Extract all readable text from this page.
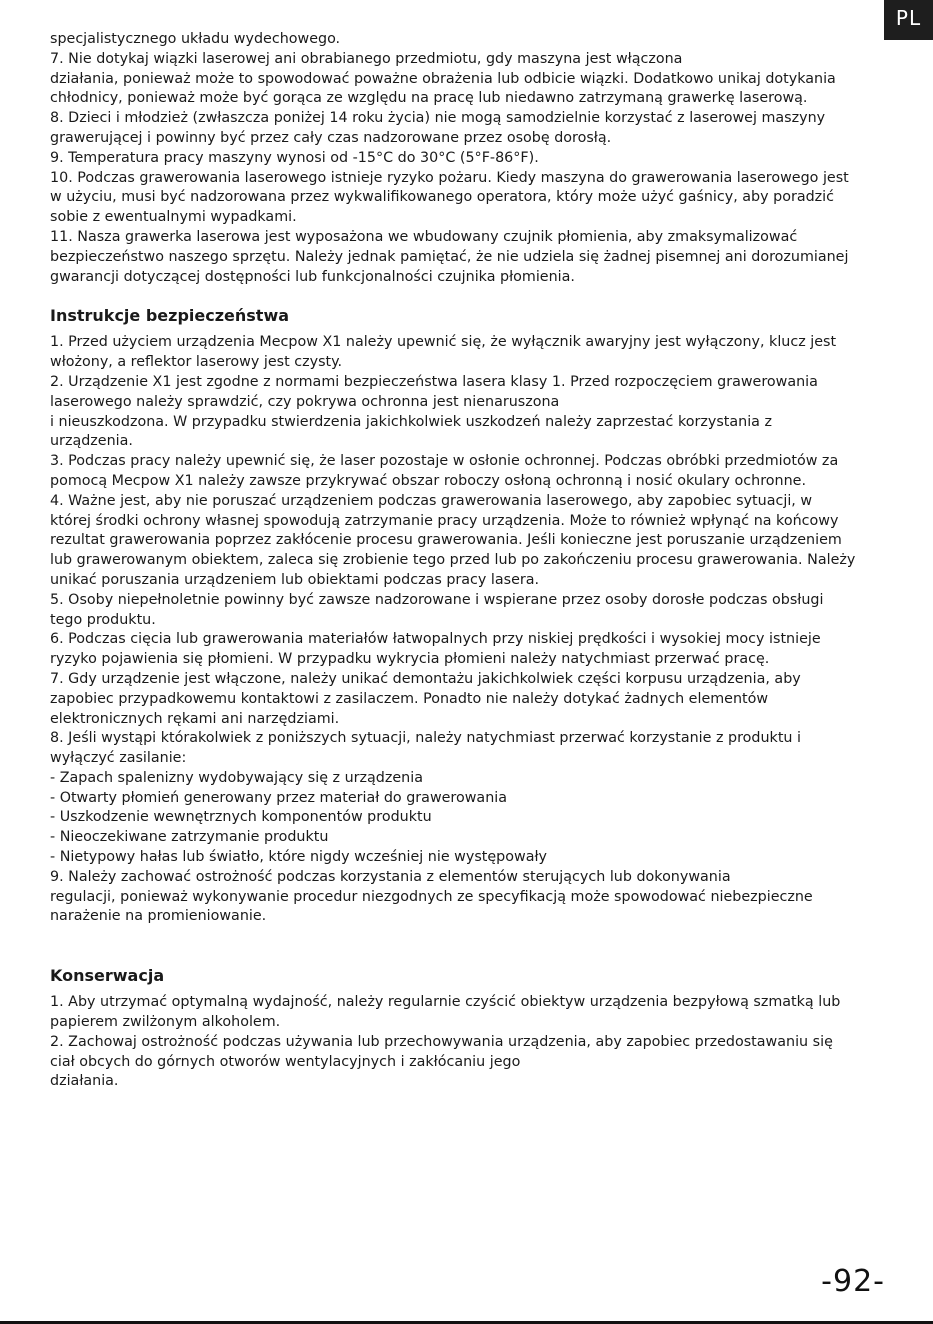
PL

specjalistycznego układu wydechowego.

7. Nie dotykaj wiązki laserowej ani obrabianego przedmiotu, gdy maszyna jest włączona

działania, ponieważ może to spowodować poważne obrażenia lub odbicie wiązki. Dodatkowo unikaj dotykania

chłodnicy, ponieważ może być gorąca ze względu na pracę lub niedawno zatrzymaną grawerkę laserową.

8. Dzieci i młodzież (zwłaszcza poniżej 14 roku życia) nie mogą samodzielnie korzystać z laserowej maszyny

grawerującej i powinny być przez cały czas nadzorowane przez osobę dorosłą.

9. Temperatura pracy maszyny wynosi od -15°C do 30°C (5°F-86°F).

10. Podczas grawerowania laserowego istnieje ryzyko pożaru. Kiedy maszyna do grawerowania laserowego jest

w użyciu, musi być nadzorowana przez wykwalifikowanego operatora, który może użyć gaśnicy, aby poradzić

sobie z ewentualnymi wypadkami.

11. Nasza grawerka laserowa jest wyposażona we wbudowany czujnik płomienia, aby zmaksymalizować

bezpieczeństwo naszego sprzętu. Należy jednak pamiętać, że nie udziela się żadnej pisemnej ani dorozumianej

gwarancji dotyczącej dostępności lub funkcjonalności czujnika płomienia.

Instrukcje bezpieczeństwa

1. Przed użyciem urządzenia Mecpow X1 należy upewnić się, że wyłącznik awaryjny jest wyłączony, klucz jest

włożony, a reflektor laserowy jest czysty.

2. Urządzenie X1 jest zgodne z normami bezpieczeństwa lasera klasy 1. Przed rozpoczęciem grawerowania

laserowego należy sprawdzić, czy pokrywa ochronna jest nienaruszona

i nieuszkodzona. W przypadku stwierdzenia jakichkolwiek uszkodzeń należy zaprzestać korzystania z

urządzenia.

3. Podczas pracy należy upewnić się, że laser pozostaje w osłonie ochronnej. Podczas obróbki przedmiotów za

pomocą Mecpow X1 należy zawsze przykrywać obszar roboczy osłoną ochronną i nosić okulary ochronne.

4. Ważne jest, aby nie poruszać urządzeniem podczas grawerowania laserowego, aby zapobiec sytuacji, w

której środki ochrony własnej spowodują zatrzymanie pracy urządzenia. Może to również wpłynąć na końcowy

rezultat grawerowania poprzez zakłócenie procesu grawerowania. Jeśli konieczne jest poruszanie urządzeniem

lub grawerowanym obiektem, zaleca się zrobienie tego przed lub po zakończeniu procesu grawerowania. Należy

unikać poruszania urządzeniem lub obiektami podczas pracy lasera.

5. Osoby niepełnoletnie powinny być zawsze nadzorowane i wspierane przez osoby dorosłe podczas obsługi

tego produktu.

6. Podczas cięcia lub grawerowania materiałów łatwopalnych przy niskiej prędkości i wysokiej mocy istnieje

ryzyko pojawienia się płomieni. W przypadku wykrycia płomieni należy natychmiast przerwać pracę.

7. Gdy urządzenie jest włączone, należy unikać demontażu jakichkolwiek części korpusu urządzenia, aby

zapobiec przypadkowemu kontaktowi z zasilaczem. Ponadto nie należy dotykać żadnych elementów

elektronicznych rękami ani narzędziami.

8. Jeśli wystąpi którakolwiek z poniższych sytuacji, należy natychmiast przerwać korzystanie z produktu i

wyłączyć zasilanie:

- Zapach spalenizny wydobywający się z urządzenia

- Otwarty płomień generowany przez materiał do grawerowania

- Uszkodzenie wewnętrznych komponentów produktu

- Nieoczekiwane zatrzymanie produktu

- Nietypowy hałas lub światło, które nigdy wcześniej nie występowały

9. Należy zachować ostrożność podczas korzystania z elementów sterujących lub dokonywania

regulacji, ponieważ wykonywanie procedur niezgodnych ze specyfikacją może spowodować niebezpieczne

narażenie na promieniowanie.

Konserwacja

1. Aby utrzymać optymalną wydajność, należy regularnie czyścić obiektyw urządzenia bezpyłową szmatką lub

papierem zwilżonym alkoholem.

2. Zachowaj ostrożność podczas używania lub przechowywania urządzenia, aby zapobiec przedostawaniu się

ciał obcych do górnych otworów wentylacyjnych i zakłócaniu jego

działania.

-92-
